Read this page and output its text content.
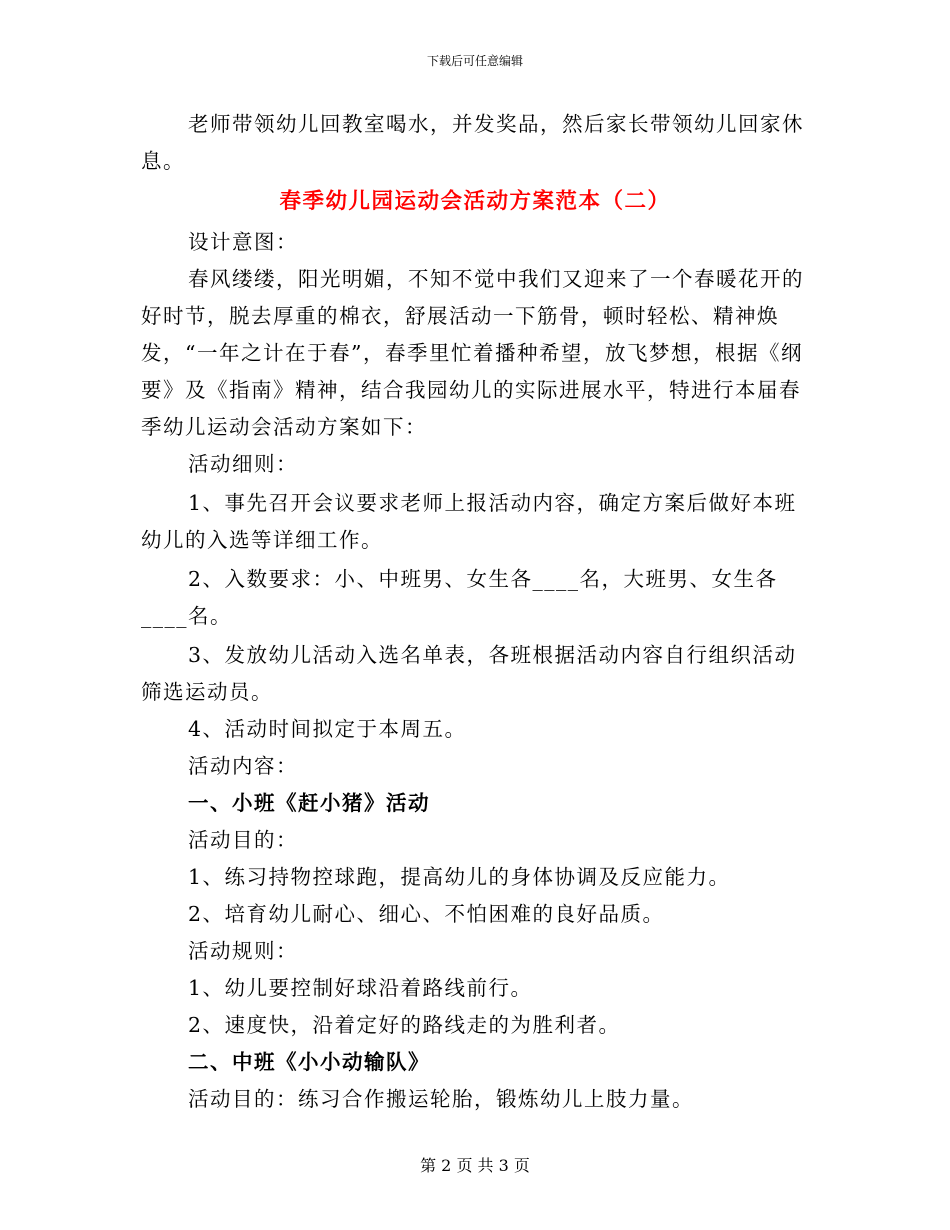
下载后可任意编辑

老师带领幼儿回教室喝水，并发奖品，然后家长带领幼儿回家休息。

春季幼儿园运动会活动方案范本（二）

设计意图：

春风缕缕，阳光明媚，不知不觉中我们又迎来了一个春暖花开的好时节，脱去厚重的棉衣，舒展活动一下筋骨，顿时轻松、精神焕发，“一年之计在于春”，春季里忙着播种希望，放飞梦想，根据《纲要》及《指南》精神，结合我园幼儿的实际进展水平，特进行本届春季幼儿运动会活动方案如下：

活动细则：

1、事先召开会议要求老师上报活动内容，确定方案后做好本班幼儿的入选等详细工作。

2、入数要求：小、中班男、女生各____名，大班男、女生各____名。

3、发放幼儿活动入选名单表，各班根据活动内容自行组织活动筛选运动员。

4、活动时间拟定于本周五。

活动内容：

一、小班《赶小猪》活动

活动目的：

1、练习持物控球跑，提高幼儿的身体协调及反应能力。

2、培育幼儿耐心、细心、不怕困难的良好品质。

活动规则：

1、幼儿要控制好球沿着路线前行。

2、速度快，沿着定好的路线走的为胜利者。

二、中班《小小动输队》

活动目的：练习合作搬运轮胎，锻炼幼儿上肢力量。

第 2 页 共 3 页
